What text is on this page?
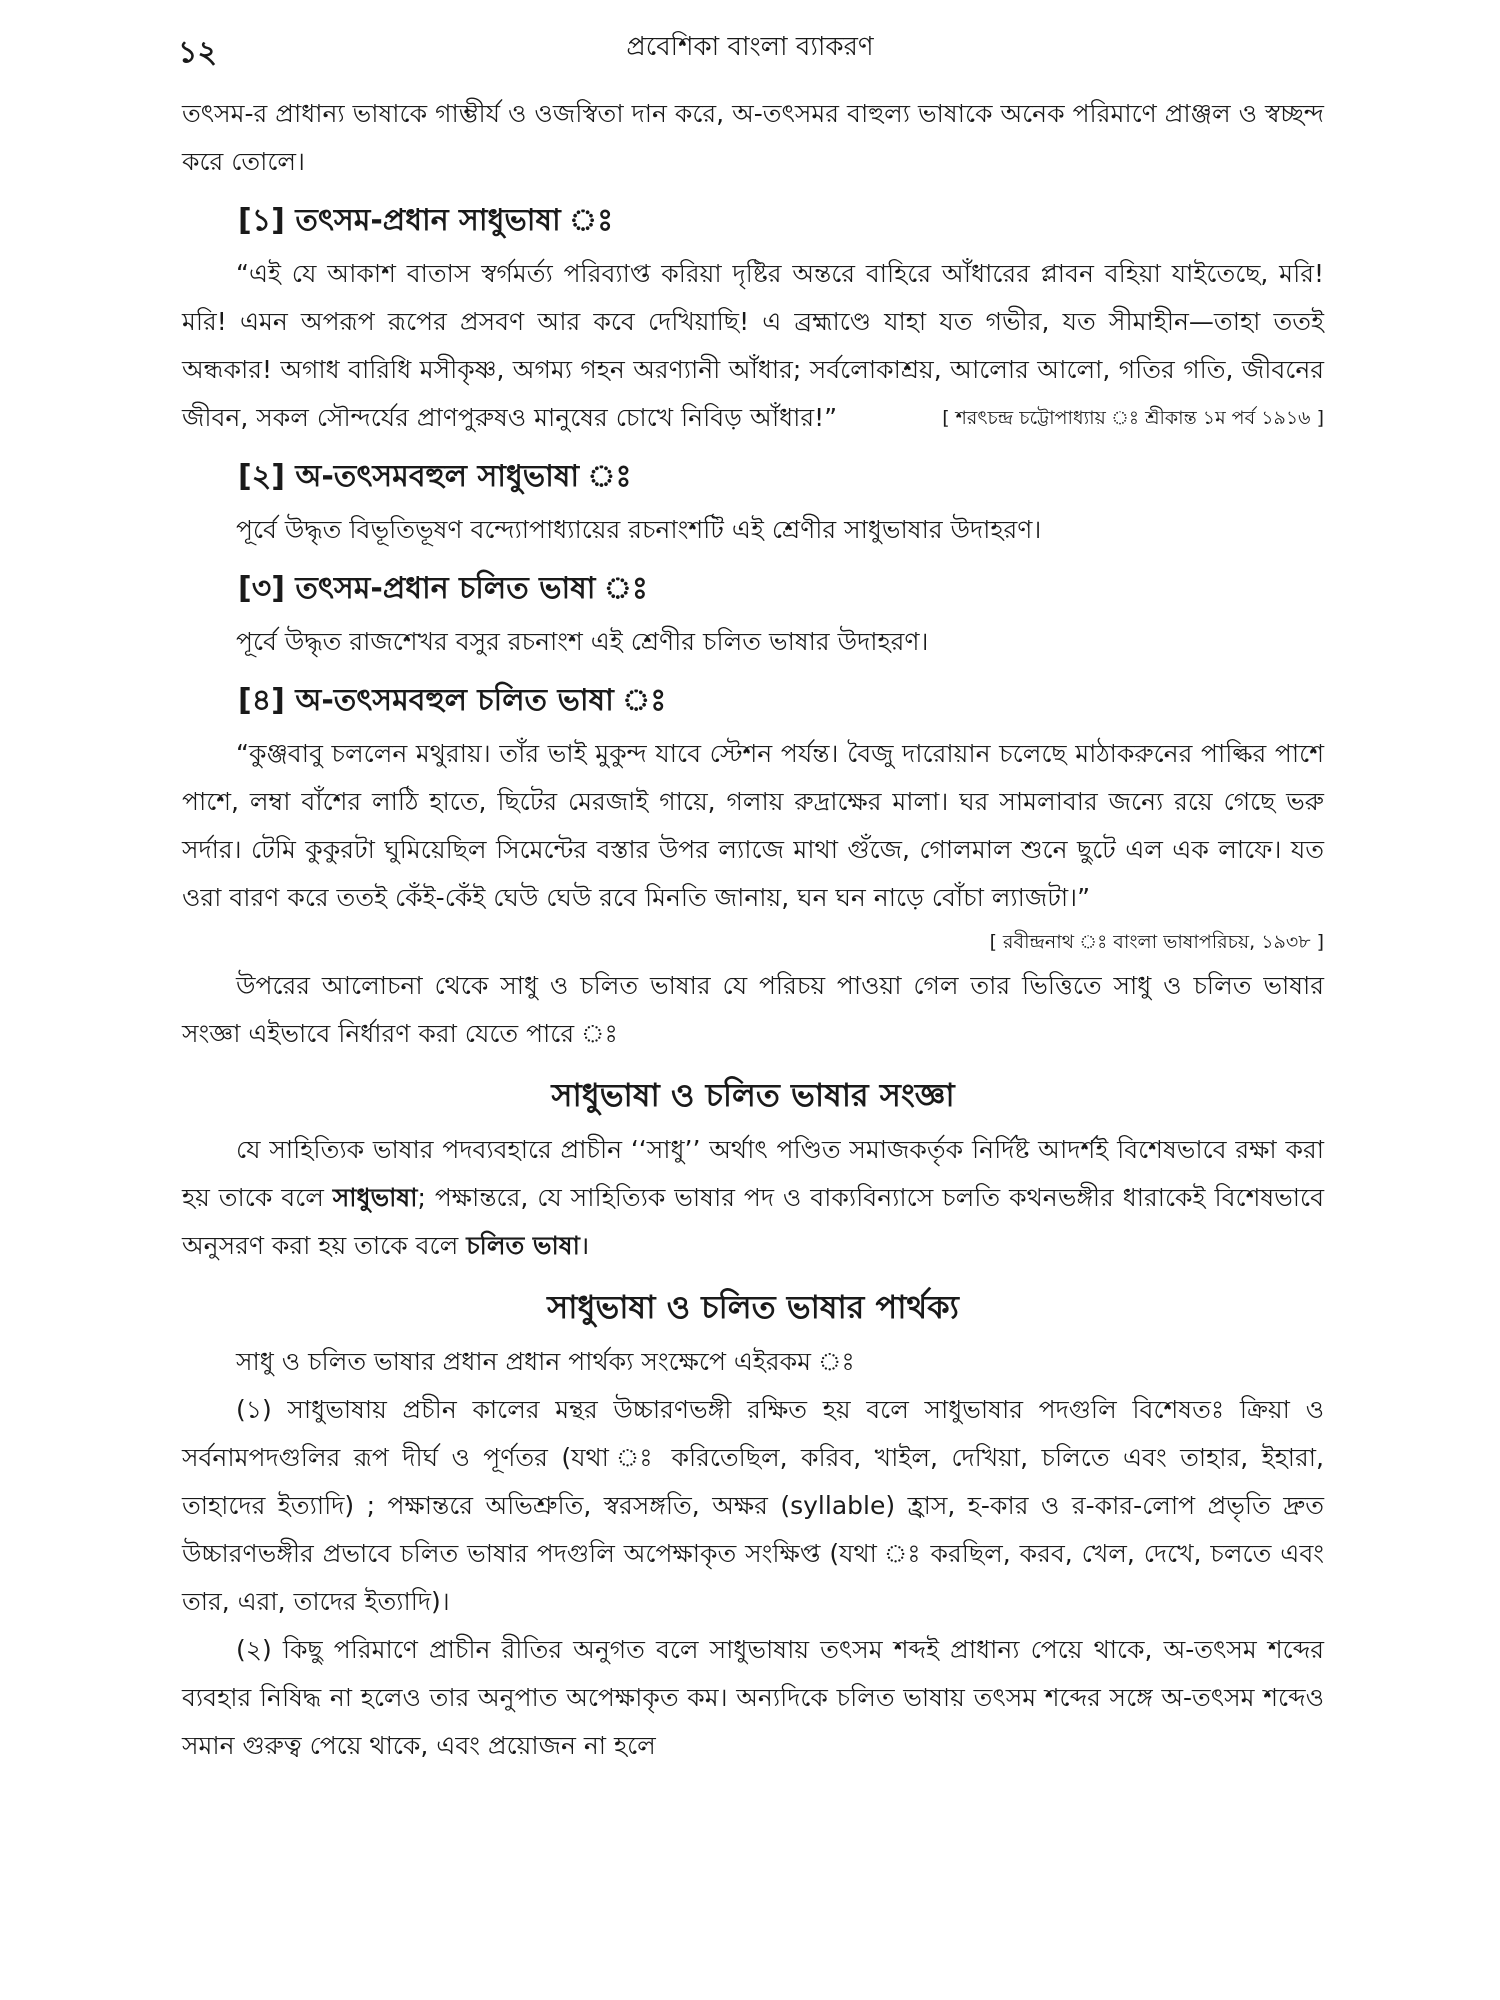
১২	প্রবেশিকা বাংলা ব্যাকরণ

তৎসম-র প্রাধান্য ভাষাকে গাম্ভীর্য ও ওজস্বিতা দান করে, অ-তৎসমর বাহুল্য ভাষাকে অনেক পরিমাণে প্রাঞ্জল ও স্বচ্ছন্দ করে তোলে।

[১] তৎসম-প্রধান সাধুভাষা ঃ

“এই যে আকাশ বাতাস স্বর্গমর্ত্য পরিব্যাপ্ত করিয়া দৃষ্টির অন্তরে বাহিরে আঁধারের প্লাবন বহিয়া যাইতেছে, মরি! মরি! এমন অপরূপ রূপের প্রসবণ আর কবে দেখিয়াছি! এ ব্রহ্মাণ্ডে যাহা যত গভীর, যত সীমাহীন—তাহা ততই অন্ধকার! অগাধ বারিধি মসীকৃষ্ণ, অগম্য গহন অরণ্যানী আঁধার; সর্বলোকাশ্রয়, আলোর আলো, গতির গতি, জীবনের জীবন, সকল সৌন্দর্যের প্রাণপুরুষও মানুষের চোখে নিবিড় আঁধার!”	[ শরৎচন্দ্র চট্টোপাধ্যায় ঃ শ্রীকান্ত ১ম পর্ব ১৯১৬ ]

[২] অ-তৎসমবহুল সাধুভাষা ঃ

পূর্বে উদ্ধৃত বিভূতিভূষণ বন্দ্যোপাধ্যায়ের রচনাংশটি এই শ্রেণীর সাধুভাষার উদাহরণ।

[৩] তৎসম-প্রধান চলিত ভাষা ঃ

পূর্বে উদ্ধৃত রাজশেখর বসুর রচনাংশ এই শ্রেণীর চলিত ভাষার উদাহরণ।

[৪] অ-তৎসমবহুল চলিত ভাষা ঃ

“কুঞ্জবাবু চললেন মথুরায়। তাঁর ভাই মুকুন্দ যাবে স্টেশন পর্যন্ত। বৈজু দারোয়ান চলেছে মাঠাকরুনের পাল্কির পাশে পাশে, লম্বা বাঁশের লাঠি হাতে, ছিটের মেরজাই গায়ে, গলায় রুদ্রাক্ষের মালা। ঘর সামলাবার জন্যে রয়ে গেছে ভরু সর্দার। টেমি কুকুরটা ঘুমিয়েছিল সিমেন্টের বস্তার উপর ল্যাজে মাথা গুঁজে, গোলমাল শুনে ছুটে এল এক লাফে। যত ওরা বারণ করে ততই কেঁই-কেঁই ঘেউ ঘেউ রবে মিনতি জানায়, ঘন ঘন নাড়ে বোঁচা ল্যাজটা।”

[ রবীন্দ্রনাথ ঃ বাংলা ভাষাপরিচয়, ১৯৩৮ ]

উপরের আলোচনা থেকে সাধু ও চলিত ভাষার যে পরিচয় পাওয়া গেল তার ভিত্তিতে সাধু ও চলিত ভাষার সংজ্ঞা এইভাবে নির্ধারণ করা যেতে পারে ঃ

সাধুভাষা ও চলিত ভাষার সংজ্ঞা

যে সাহিত্যিক ভাষার পদব্যবহারে প্রাচীন ‘‘সাধু’’ অর্থাৎ পণ্ডিত সমাজকর্তৃক নির্দিষ্ট আদর্শই বিশেষভাবে রক্ষা করা হয় তাকে বলে সাধুভাষা; পক্ষান্তরে, যে সাহিত্যিক ভাষার পদ ও বাক্যবিন্যাসে চলতি কথনভঙ্গীর ধারাকেই বিশেষভাবে অনুসরণ করা হয় তাকে বলে চলিত ভাষা।

সাধুভাষা ও চলিত ভাষার পার্থক্য

সাধু ও চলিত ভাষার প্রধান প্রধান পার্থক্য সংক্ষেপে এইরকম ঃ

(১) সাধুভাষায় প্রচীন কালের মন্থর উচ্চারণভঙ্গী রক্ষিত হয় বলে সাধুভাষার পদগুলি বিশেষতঃ ক্রিয়া ও সর্বনামপদগুলির রূপ দীর্ঘ ও পূর্ণতর (যথা ঃ করিতেছিল, করিব, খাইল, দেখিয়া, চলিতে এবং তাহার, ইহারা, তাহাদের ইত্যাদি) ; পক্ষান্তরে অভিশ্রুতি, স্বরসঙ্গতি, অক্ষর (syllable) হ্রাস, হ-কার ও র-কার-লোপ প্রভৃতি দ্রুত উচ্চারণভঙ্গীর প্রভাবে চলিত ভাষার পদগুলি অপেক্ষাকৃত সংক্ষিপ্ত (যথা ঃ করছিল, করব, খেল, দেখে, চলতে এবং তার, এরা, তাদের ইত্যাদি)।

(২) কিছু পরিমাণে প্রাচীন রীতির অনুগত বলে সাধুভাষায় তৎসম শব্দই প্রাধান্য পেয়ে থাকে, অ-তৎসম শব্দের ব্যবহার নিষিদ্ধ না হলেও তার অনুপাত অপেক্ষাকৃত কম। অন্যদিকে চলিত ভাষায় তৎসম শব্দের সঙ্গে অ-তৎসম শব্দেও সমান গুরুত্ব পেয়ে থাকে, এবং প্রয়োজন না হলে
